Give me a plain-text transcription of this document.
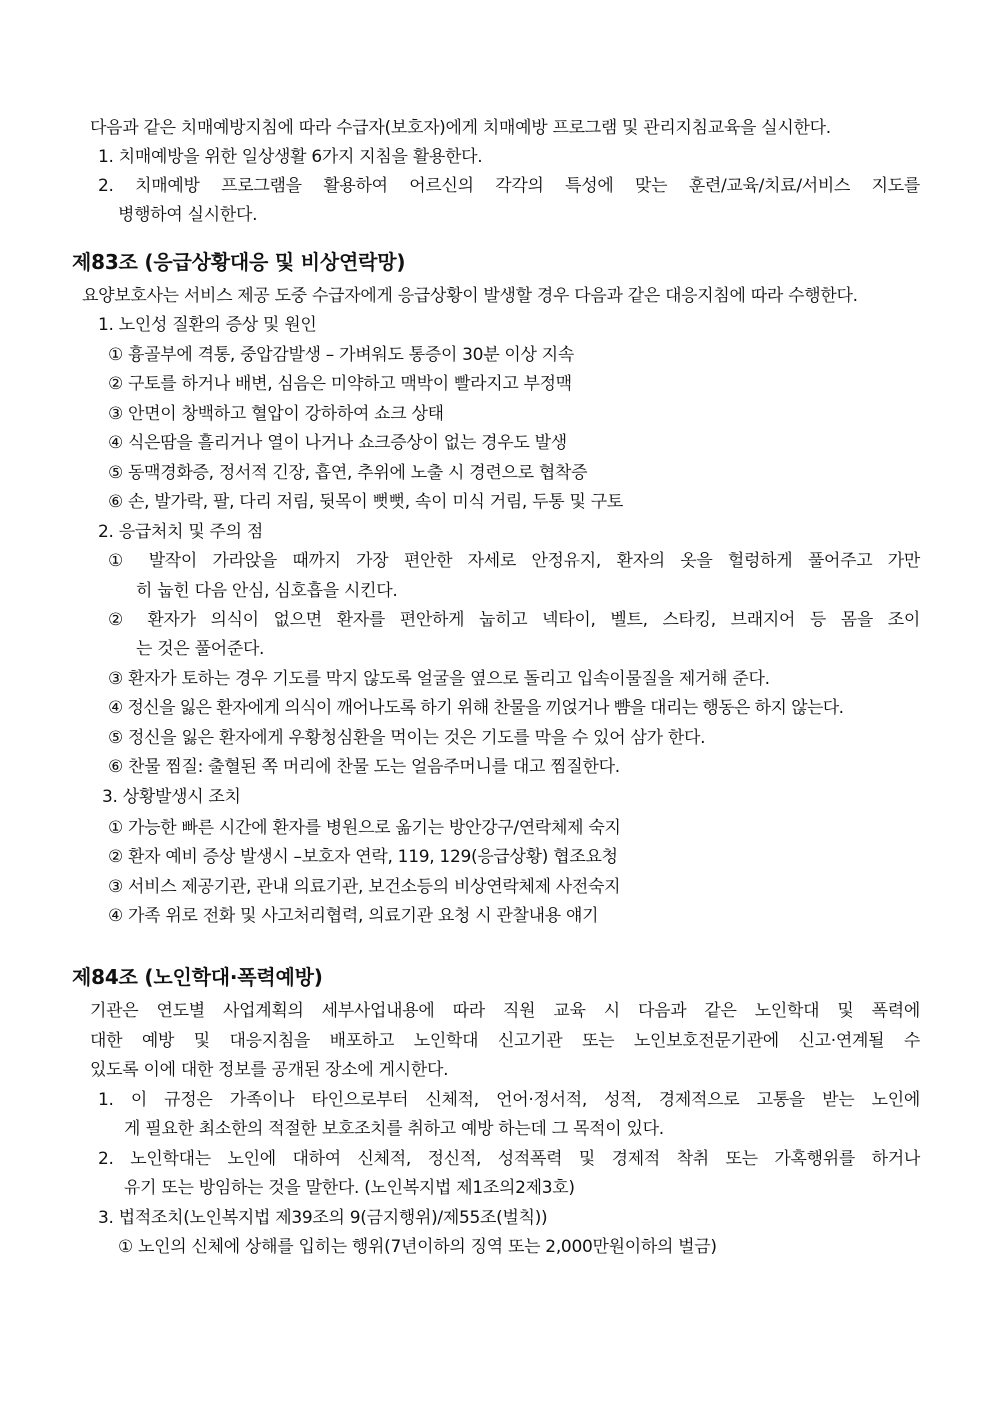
다음과 같은 치매예방지침에 따라 수급자(보호자)에게 치매예방 프로그램 및 관리지침교육을 실시한다.
1. 치매예방을 위한 일상생활 6가지 지침을 활용한다.
2. 치매예방 프로그램을 활용하여 어르신의 각각의 특성에 맞는 훈련/교육/치료/서비스 지도를
병행하여 실시한다.
제83조 (응급상황대응 및 비상연락망)
요양보호사는 서비스 제공 도중 수급자에게 응급상황이 발생할 경우 다음과 같은 대응지침에 따라 수행한다.
1. 노인성 질환의 증상 및 원인
① 흉골부에 격통, 중압감발생 – 가벼워도 통증이 30분 이상 지속
② 구토를 하거나 배변, 심음은 미약하고 맥박이 빨라지고 부정맥
③ 안면이 창백하고 혈압이 강하하여 쇼크 상태
④ 식은땀을 흘리거나 열이 나거나 쇼크증상이 없는 경우도 발생
⑤ 동맥경화증, 정서적 긴장, 흡연, 추위에 노출 시 경련으로 협착증
⑥ 손, 발가락, 팔, 다리 저림, 뒷목이 뻣뻣, 속이 미식 거림, 두통 및 구토
2. 응급처치 및 주의 점
① 발작이 가라앉을 때까지 가장 편안한 자세로 안정유지, 환자의 옷을 헐렁하게 풀어주고 가만
히 눕힌 다음 안심, 심호흡을 시킨다.
② 환자가 의식이 없으면 환자를 편안하게 눕히고 넥타이, 벨트, 스타킹, 브래지어 등 몸을 조이
는 것은 풀어준다.
③ 환자가 토하는 경우 기도를 막지 않도록 얼굴을 옆으로 돌리고 입속이물질을 제거해 준다.
④ 정신을 잃은 환자에게 의식이 깨어나도록 하기 위해 찬물을 끼얹거나 뺨을 대리는 행동은 하지 않는다.
⑤ 정신을 잃은 환자에게 우황청심환을 먹이는 것은 기도를 막을 수 있어 삼가 한다.
⑥ 찬물 찜질: 출혈된 쪽 머리에 찬물 도는 얼음주머니를 대고 찜질한다.
3. 상황발생시 조치
① 가능한 빠른 시간에 환자를 병원으로 옮기는 방안강구/연락체제 숙지
② 환자 예비 증상 발생시 –보호자 연락, 119, 129(응급상황) 협조요청
③ 서비스 제공기관, 관내 의료기관, 보건소등의 비상연락체제 사전숙지
④ 가족 위로 전화 및 사고처리협력, 의료기관 요청 시 관찰내용 얘기
제84조 (노인학대·폭력예방)
기관은 연도별 사업계획의 세부사업내용에 따라 직원 교육 시 다음과 같은 노인학대 및 폭력에
대한 예방 및 대응지침을 배포하고 노인학대 신고기관 또는 노인보호전문기관에 신고·연계될 수
있도록 이에 대한 정보를 공개된 장소에 게시한다.
1. 이 규정은 가족이나 타인으로부터 신체적, 언어·정서적, 성적, 경제적으로 고통을 받는 노인에
게 필요한 최소한의 적절한 보호조치를 취하고 예방 하는데 그 목적이 있다.
2. 노인학대는 노인에 대하여 신체적, 정신적, 성적폭력 및 경제적 착취 또는 가혹행위를 하거나
유기 또는 방임하는 것을 말한다. (노인복지법 제1조의2제3호)
3. 법적조치(노인복지법 제39조의 9(금지행위)/제55조(벌칙))
① 노인의 신체에 상해를 입히는 행위(7년이하의 징역 또는 2,000만원이하의 벌금)
